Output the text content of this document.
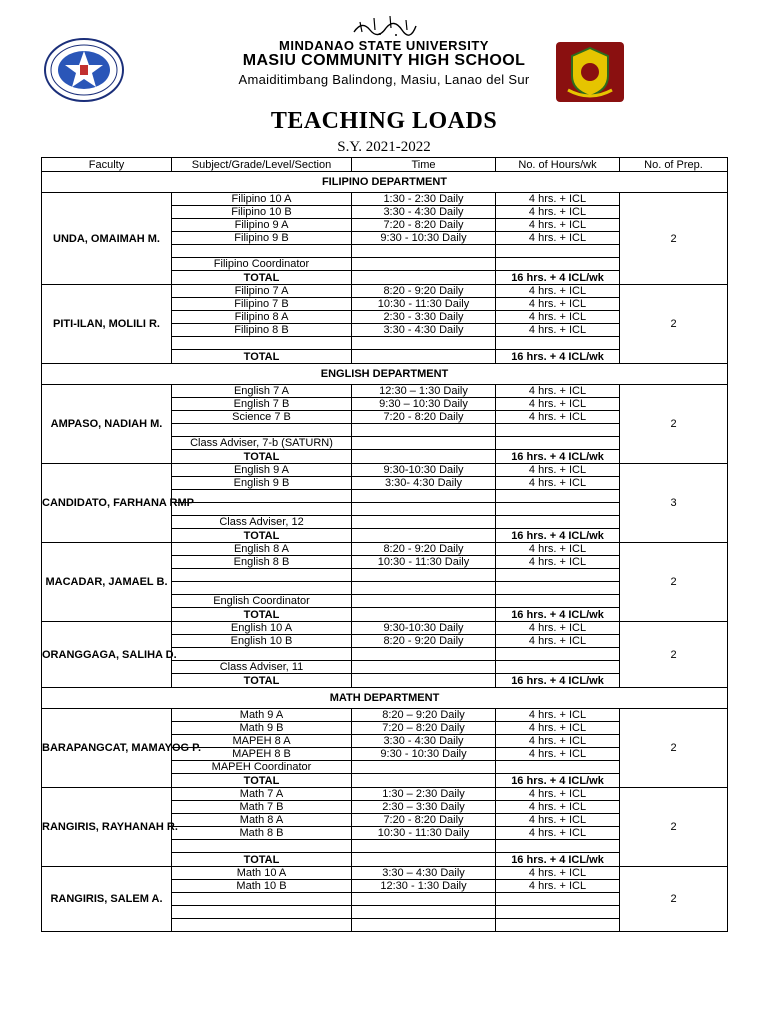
MINDANAO STATE UNIVERSITY
MASIU COMMUNITY HIGH SCHOOL
Amaiditimbang Balindong, Masiu, Lanao del Sur
TEACHING LOADS
S.Y. 2021-2022
Faculty	Subject/Grade/Level/Section	Time	No. of Hours/wk	No. of Prep.
FILIPINO DEPARTMENT				
UNDA, OMAIMAH M.	Filipino 10 A	1:30 - 2:30 Daily	4 hrs. + ICL	2
	Filipino 10 B	3:30 - 4:30 Daily	4 hrs. + ICL	
	Filipino 9 A	7:20 - 8:20 Daily	4 hrs. + ICL	
	Filipino 9 B	9:30 - 10:30 Daily	4 hrs. + ICL	

	Filipino Coordinator			
	TOTAL		16 hrs. + 4 ICL/wk	
PITI-ILAN, MOLILI R.	Filipino 7 A	8:20 - 9:20 Daily	4 hrs. + ICL	2
	Filipino 7 B	10:30 - 11:30 Daily	4 hrs. + ICL	
	Filipino 8 A	2:30 - 3:30 Daily	4 hrs. + ICL	
	Filipino 8 B	3:30 - 4:30 Daily	4 hrs. + ICL	

	TOTAL		16 hrs. + 4 ICL/wk	
ENGLISH DEPARTMENT				
AMPASO, NADIAH M.	English 7 A	12:30 – 1:30 Daily	4 hrs. + ICL	2
	English 7 B	9:30 – 10:30 Daily	4 hrs. + ICL	
	Science 7 B	7:20 - 8:20 Daily	4 hrs. + ICL	

	Class Adviser, 7-b (SATURN)			
	TOTAL		16 hrs. + 4 ICL/wk	
CANDIDATO, FARHANA RMP	English 9 A	9:30-10:30 Daily	4 hrs. + ICL	3
	English 9 B	3:30- 4:30 Daily	4 hrs. + ICL	

	Class Adviser, 12			
	TOTAL		16 hrs. + 4 ICL/wk	
MACADAR, JAMAEL B.	English 8 A	8:20 - 9:20 Daily	4 hrs. + ICL	2
	English 8 B	10:30 - 11:30 Daily	4 hrs. + ICL	

	English Coordinator			
	TOTAL		16 hrs. + 4 ICL/wk	
ORANGGAGA, SALIHA D.	English 10 A	9:30-10:30 Daily	4 hrs. + ICL	2
	English 10 B	8:20 - 9:20 Daily	4 hrs. + ICL	

	Class Adviser, 11			
	TOTAL		16 hrs. + 4 ICL/wk	
MATH DEPARTMENT				
BARAPANGCAT, MAMAYOG P.	Math 9 A	8:20 – 9:20 Daily	4 hrs. + ICL	2
	Math 9 B	7:20 – 8:20 Daily	4 hrs. + ICL	
	MAPEH 8 A	3:30 - 4:30 Daily	4 hrs. + ICL	
	MAPEH 8 B	9:30 - 10:30 Daily	4 hrs. + ICL	
	MAPEH Coordinator			
	TOTAL		16 hrs. + 4 ICL/wk	
RANGIRIS, RAYHANAH R.	Math 7 A	1:30 – 2:30 Daily	4 hrs. + ICL	2
	Math 7 B	2:30 – 3:30 Daily	4 hrs. + ICL	
	Math 8 A	7:20 - 8:20 Daily	4 hrs. + ICL	
	Math 8 B	10:30 - 11:30 Daily	4 hrs. + ICL	

	TOTAL		16 hrs. + 4 ICL/wk	
RANGIRIS, SALEM A.	Math 10 A	3:30 – 4:30 Daily	4 hrs. + ICL	2
	Math 10 B	12:30 - 1:30 Daily	4 hrs. + ICL	
